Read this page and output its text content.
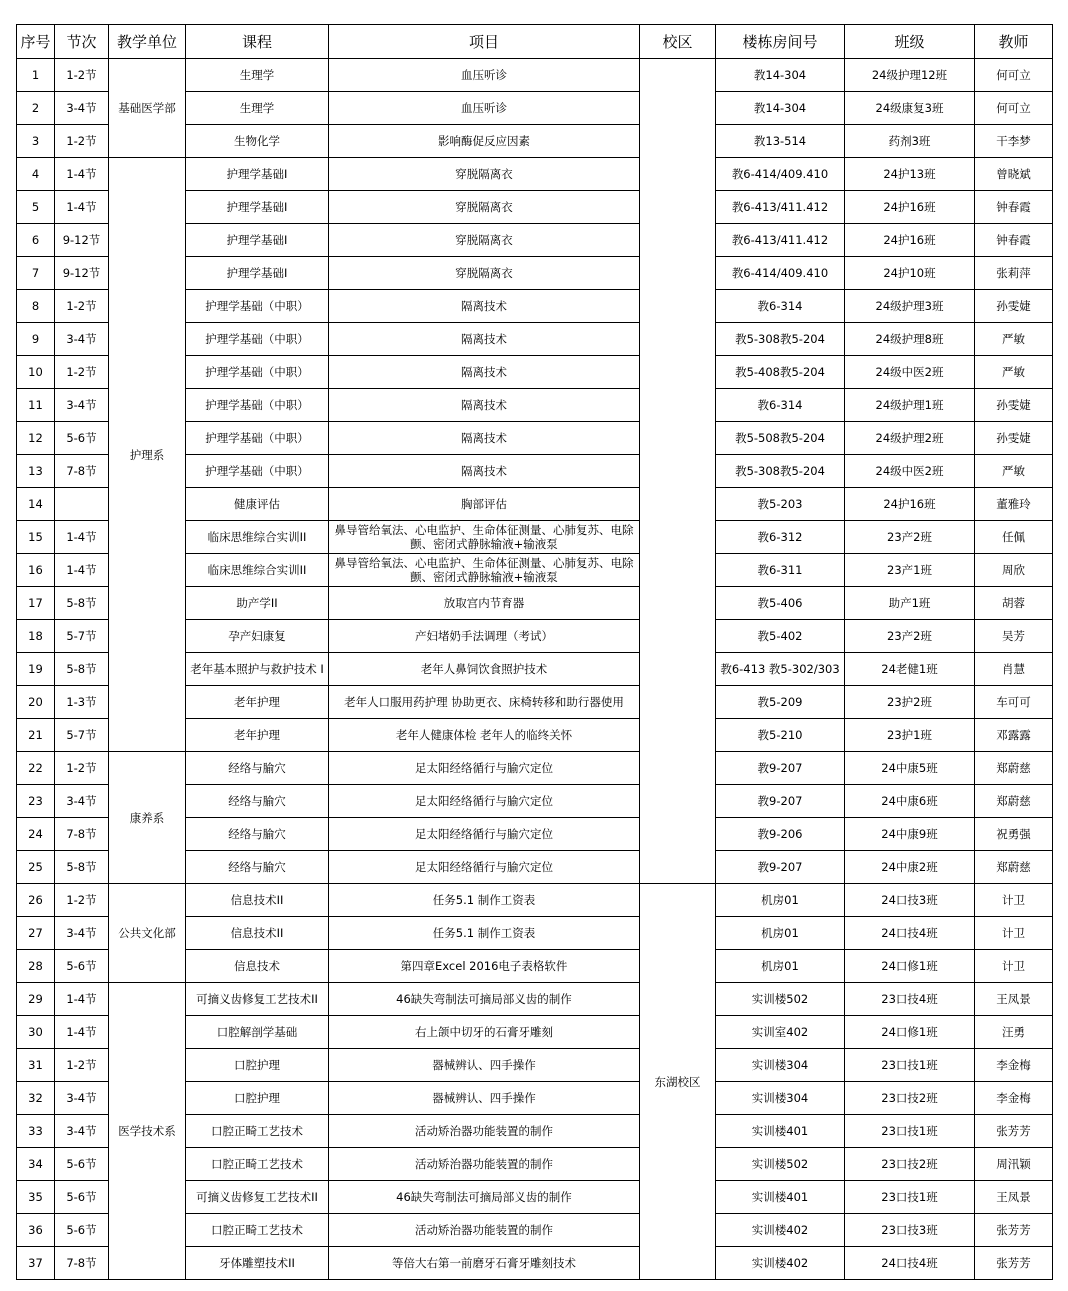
序号	节次	教学单位	课程	项目	校区	楼栋房间号	班级	教师
1	1-2节	基础医学部	生理学	血压听诊		教14-304	24级护理12班	何可立
2	3-4节		生理学	血压听诊		教14-304	24级康复3班	何可立
3	1-2节		生物化学	影响酶促反应因素		教13-514	药剂3班	干李梦
4	1-4节	护理系	护理学基础I	穿脱隔离衣		教6-414/409.410	24护13班	曾晓斌
5	1-4节		护理学基础I	穿脱隔离衣		教6-413/411.412	24护16班	钟春霞
6	9-12节		护理学基础I	穿脱隔离衣		教6-413/411.412	24护16班	钟春霞
7	9-12节		护理学基础I	穿脱隔离衣		教6-414/409.410	24护10班	张莉萍
8	1-2节		护理学基础（中职）	隔离技术		教6-314	24级护理3班	孙雯婕
9	3-4节		护理学基础（中职）	隔离技术		教5-308教5-204	24级护理8班	严敏
10	1-2节		护理学基础（中职）	隔离技术		教5-408教5-204	24级中医2班	严敏
11	3-4节		护理学基础（中职）	隔离技术		教6-314	24级护理1班	孙雯婕
12	5-6节		护理学基础（中职）	隔离技术		教5-508教5-204	24级护理2班	孙雯婕
13	7-8节		护理学基础（中职）	隔离技术		教5-308教5-204	24级中医2班	严敏
14			健康评估	胸部评估		教5-203	24护16班	董雅玲
15	1-4节		临床思维综合实训II	鼻导管给氧法、心电监护、生命体征测量、心肺复苏、电除颤、密闭式静脉输液+输液泵		教6-312	23产2班	任佩
16	1-4节		临床思维综合实训II	鼻导管给氧法、心电监护、生命体征测量、心肺复苏、电除颤、密闭式静脉输液+输液泵		教6-311	23产1班	周欣
17	5-8节		助产学II	放取宫内节育器		教5-406	助产1班	胡蓉
18	5-7节		孕产妇康复	产妇堵奶手法调理（考试）		教5-402	23产2班	吴芳
19	5-8节		老年基本照护与救护技术 I	老年人鼻饲饮食照护技术		教6-413 教5-302/303	24老健1班	肖慧
20	1-3节		老年护理	老年人口服用药护理 协助更衣、床椅转移和助行器使用		教5-209	23护2班	车可可
21	5-7节		老年护理	老年人健康体检 老年人的临终关怀		教5-210	23护1班	邓露露
22	1-2节	康养系	经络与腧穴	足太阳经络循行与腧穴定位		教9-207	24中康5班	郑蔚慈
23	3-4节		经络与腧穴	足太阳经络循行与腧穴定位		教9-207	24中康6班	郑蔚慈
24	7-8节		经络与腧穴	足太阳经络循行与腧穴定位		教9-206	24中康9班	祝勇强
25	5-8节		经络与腧穴	足太阳经络循行与腧穴定位		教9-207	24中康2班	郑蔚慈
26	1-2节	公共文化部	信息技术II	任务5.1 制作工资表	东湖校区	机房01	24口技3班	计卫
27	3-4节		信息技术II	任务5.1 制作工资表		机房01	24口技4班	计卫
28	5-6节		信息技术	第四章Excel 2016电子表格软件		机房01	24口修1班	计卫
29	1-4节	医学技术系	可摘义齿修复工艺技术II	46缺失弯制法可摘局部义齿的制作		实训楼502	23口技4班	王凤景
30	1-4节		口腔解剖学基础	右上颌中切牙的石膏牙雕刻		实训室402	24口修1班	汪勇
31	1-2节		口腔护理	器械辨认、四手操作		实训楼304	23口技1班	李金梅
32	3-4节		口腔护理	器械辨认、四手操作		实训楼304	23口技2班	李金梅
33	3-4节		口腔正畸工艺技术	活动矫治器功能装置的制作		实训楼401	23口技1班	张芳芳
34	5-6节		口腔正畸工艺技术	活动矫治器功能装置的制作		实训楼502	23口技2班	周汛颖
35	5-6节		可摘义齿修复工艺技术II	46缺失弯制法可摘局部义齿的制作		实训楼401	23口技1班	王凤景
36	5-6节		口腔正畸工艺技术	活动矫治器功能装置的制作		实训楼402	23口技3班	张芳芳
37	7-8节		牙体雕塑技术II	等倍大右第一前磨牙石膏牙雕刻技术		实训楼402	24口技4班	张芳芳
